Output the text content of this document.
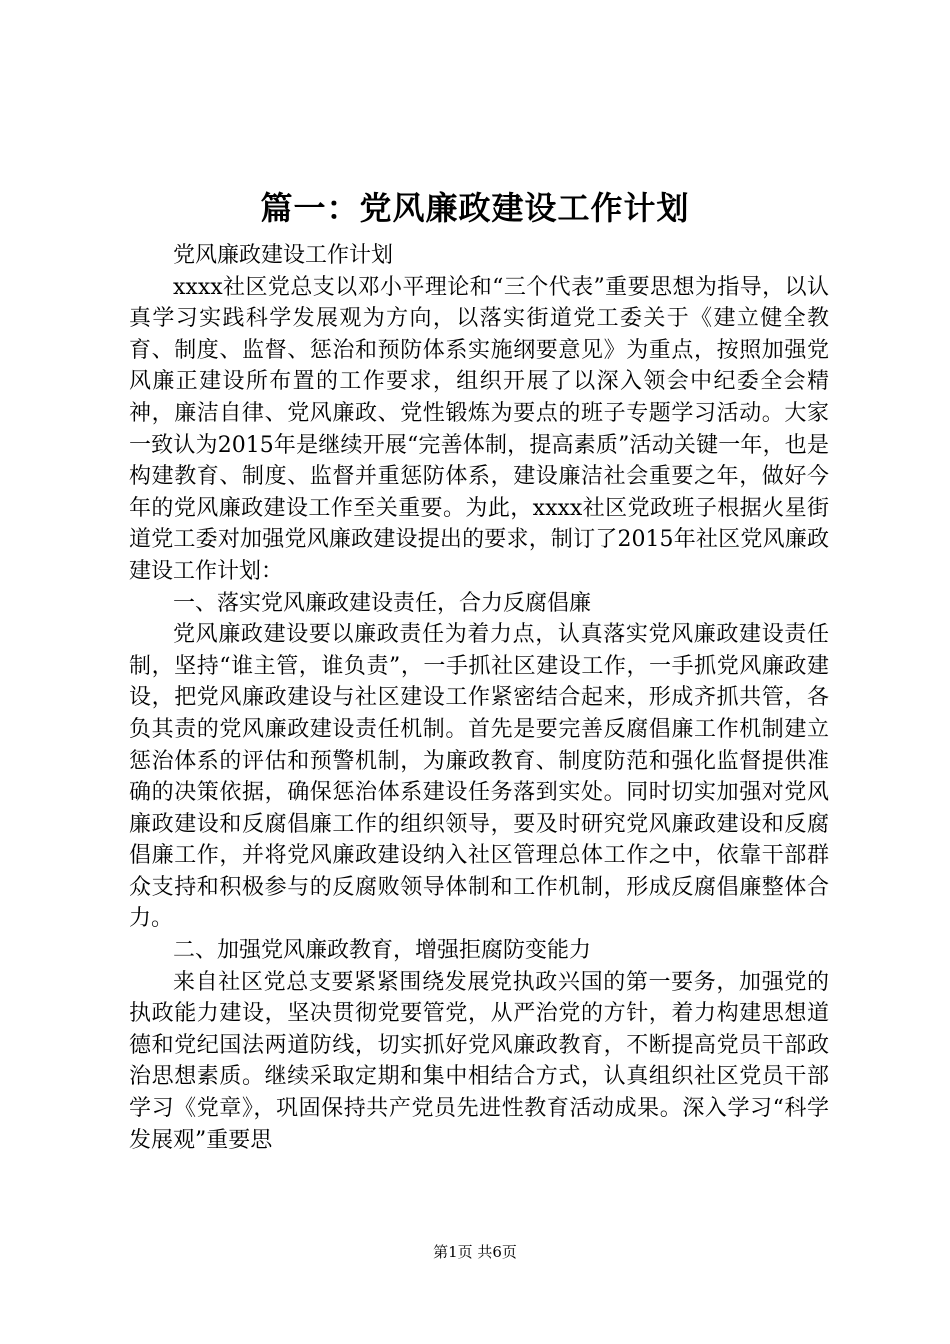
篇一：党风廉政建设工作计划

党风廉政建设工作计划

xxxx社区党总支以邓小平理论和“三个代表”重要思想为指导，以认真学习实践科学发展观为方向，以落实街道党工委关于《建立健全教育、制度、监督、惩治和预防体系实施纲要意见》为重点，按照加强党风廉正建设所布置的工作要求，组织开展了以深入领会中纪委全会精神，廉洁自律、党风廉政、党性锻炼为要点的班子专题学习活动。大家一致认为2015年是继续开展“完善体制，提高素质”活动关键一年，也是构建教育、制度、监督并重惩防体系，建设廉洁社会重要之年，做好今年的党风廉政建设工作至关重要。为此，xxxx社区党政班子根据火星街道党工委对加强党风廉政建设提出的要求，制订了2015年社区党风廉政建设工作计划：

一、落实党风廉政建设责任，合力反腐倡廉

党风廉政建设要以廉政责任为着力点，认真落实党风廉政建设责任制，坚持“谁主管，谁负责”，一手抓社区建设工作，一手抓党风廉政建设，把党风廉政建设与社区建设工作紧密结合起来，形成齐抓共管，各负其责的党风廉政建设责任机制。首先是要完善反腐倡廉工作机制建立惩治体系的评估和预警机制，为廉政教育、制度防范和强化监督提供准确的决策依据，确保惩治体系建设任务落到实处。同时切实加强对党风廉政建设和反腐倡廉工作的组织领导，要及时研究党风廉政建设和反腐倡廉工作，并将党风廉政建设纳入社区管理总体工作之中，依靠干部群众支持和积极参与的反腐败领导体制和工作机制，形成反腐倡廉整体合力。

二、加强党风廉政教育，增强拒腐防变能力

来自社区党总支要紧紧围绕发展党执政兴国的第一要务，加强党的执政能力建设，坚决贯彻党要管党，从严治党的方针，着力构建思想道德和党纪国法两道防线，切实抓好党风廉政教育，不断提高党员干部政治思想素质。继续采取定期和集中相结合方式，认真组织社区党员干部学习《党章》，巩固保持共产党员先进性教育活动成果。深入学习“科学发展观”重要思

第1页 共6页
